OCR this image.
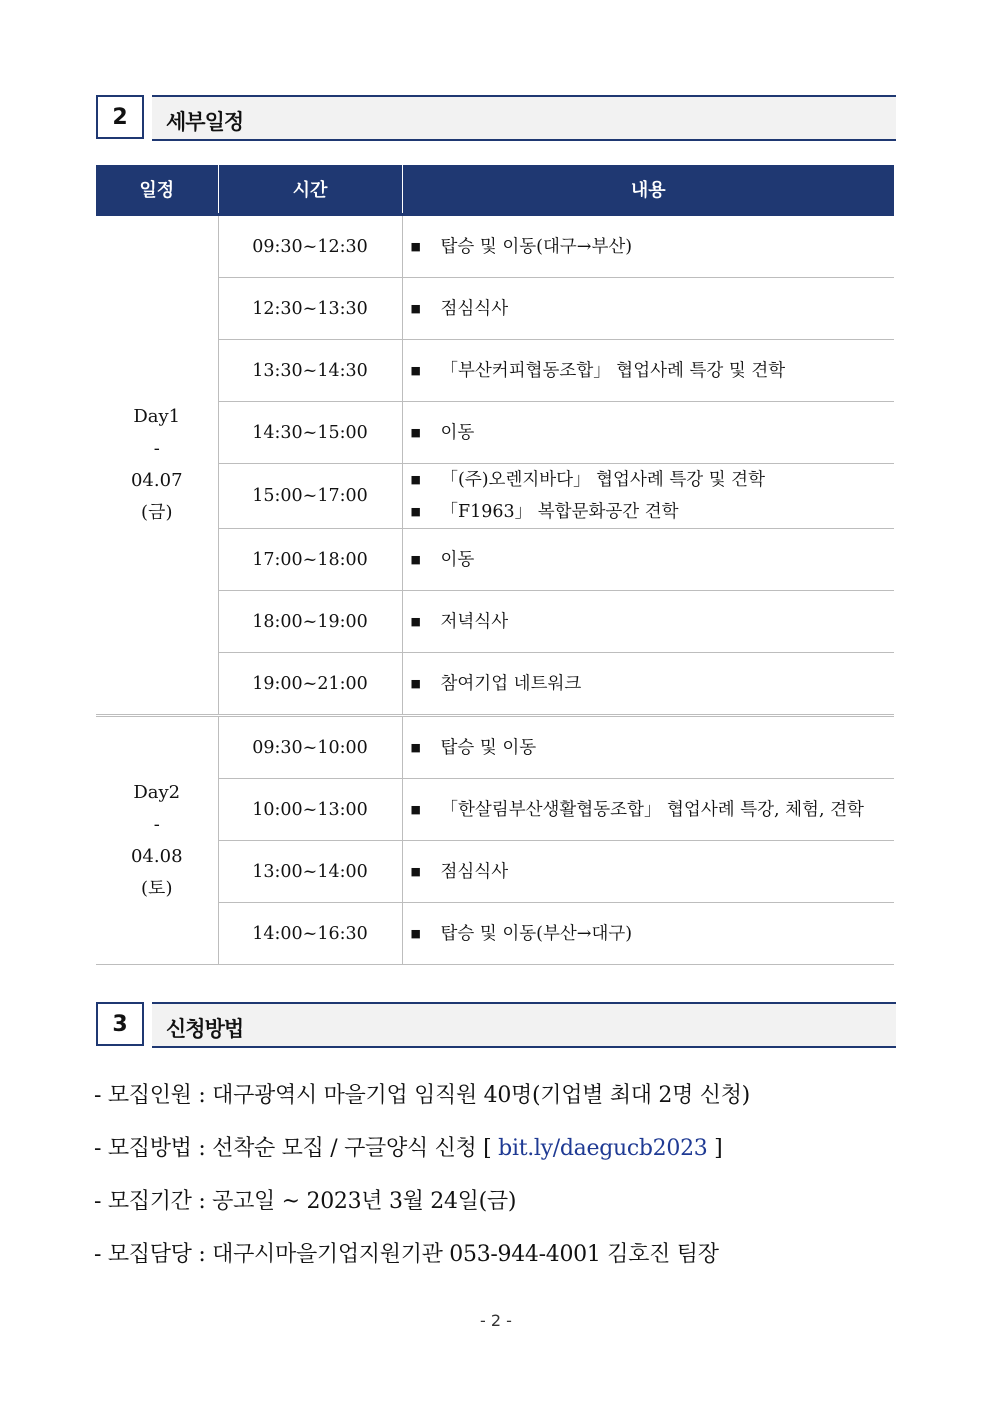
2	세부일정
일정	시간	내용

Day1
-
04.07
(금)	09:30~12:30	■ 탑승 및 이동(대구→부산)

	12:30~13:30	■ 점심식사

	13:30~14:30	■ 「부산커피협동조합」 협업사례 특강 및 견학

	14:30~15:00	■ 이동

	15:00~17:00	■ 「(주)오렌지바다」 협업사례 특강 및 견학
■ 「F1963」 복합문화공간 견학

	17:00~18:00	■ 이동

	18:00~19:00	■ 저녁식사

	19:00~21:00	■ 참여기업 네트워크

Day2
-
04.08
(토)	09:30~10:00	■ 탑승 및 이동

	10:00~13:00	■ 「한살림부산생활협동조합」 협업사례 특강, 체험, 견학

	13:00~14:00	■ 점심식사

	14:00~16:30	■ 탑승 및 이동(부산→대구)
3	신청방법
- 모집인원 : 대구광역시 마을기업 임직원 40명(기업별 최대 2명 신청)
- 모집방법 : 선착순 모집 / 구글양식 신청 [ bit.ly/daegucb2023 ]
- 모집기간 : 공고일 ~ 2023년 3월 24일(금)
- 모집담당 : 대구시마을기업지원기관 053-944-4001 김호진 팀장
- 2 -
